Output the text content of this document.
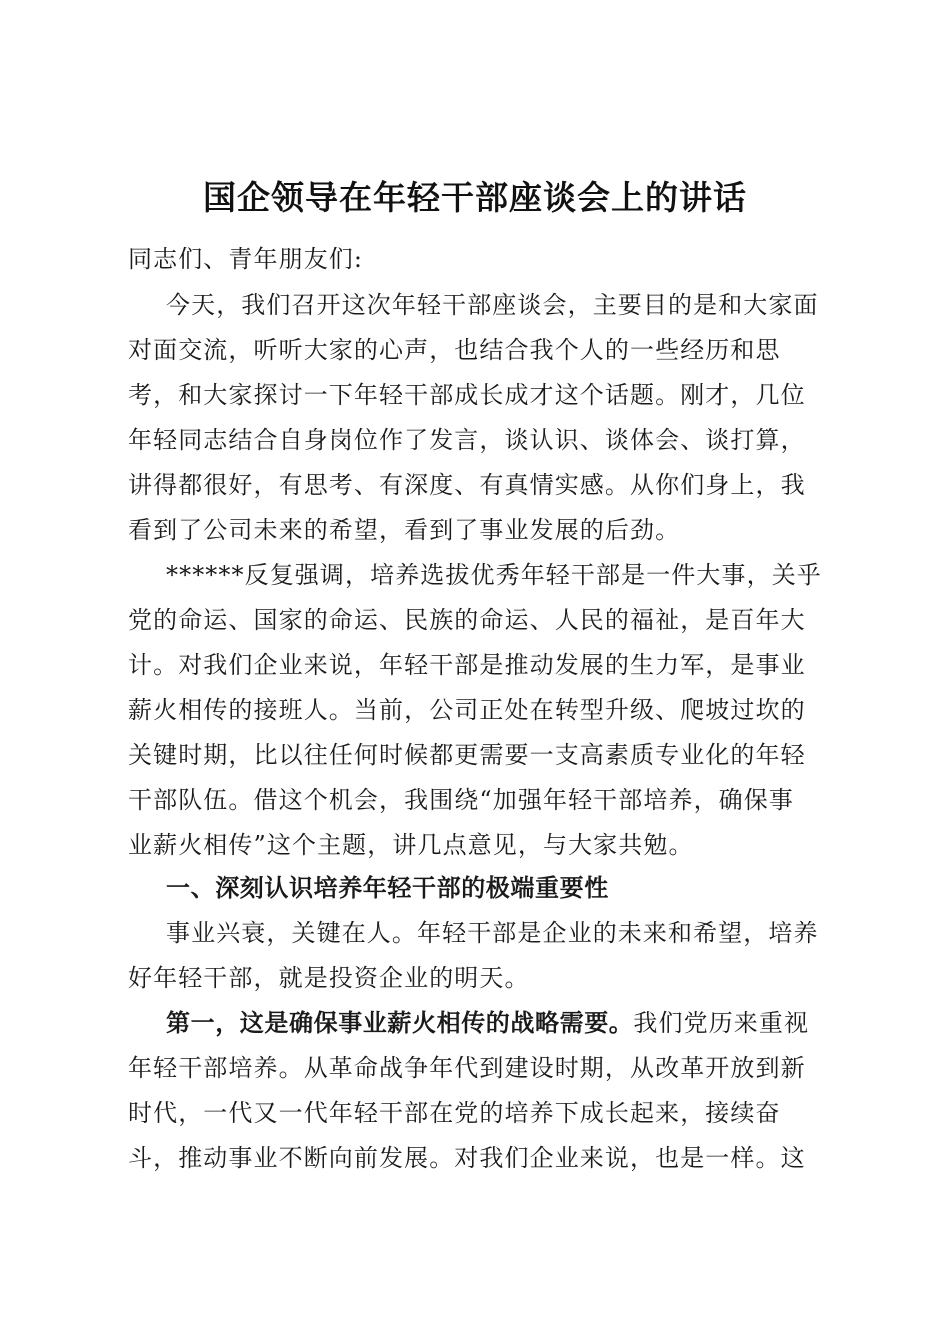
国企领导在年轻干部座谈会上的讲话
同志们、青年朋友们:
今天，我们召开这次年轻干部座谈会，主要目的是和大家面
对面交流，听听大家的心声，也结合我个人的一些经历和思
考，和大家探讨一下年轻干部成长成才这个话题。刚才，几位
年轻同志结合自身岗位作了发言，谈认识、谈体会、谈打算，
讲得都很好，有思考、有深度、有真情实感。从你们身上，我
看到了公司未来的希望，看到了事业发展的后劲。
******反复强调，培养选拔优秀年轻干部是一件大事，关乎
党的命运、国家的命运、民族的命运、人民的福祉，是百年大
计。对我们企业来说，年轻干部是推动发展的生力军，是事业
薪火相传的接班人。当前，公司正处在转型升级、爬坡过坎的
关键时期，比以往任何时候都更需要一支高素质专业化的年轻
干部队伍。借这个机会，我围绕“加强年轻干部培养，确保事
业薪火相传”这个主题，讲几点意见，与大家共勉。
一、深刻认识培养年轻干部的极端重要性
事业兴衰，关键在人。年轻干部是企业的未来和希望，培养
好年轻干部，就是投资企业的明天。
第一，这是确保事业薪火相传的战略需要。我们党历来重视
年轻干部培养。从革命战争年代到建设时期，从改革开放到新
时代，一代又一代年轻干部在党的培养下成长起来，接续奋
斗，推动事业不断向前发展。对我们企业来说，也是一样。这
